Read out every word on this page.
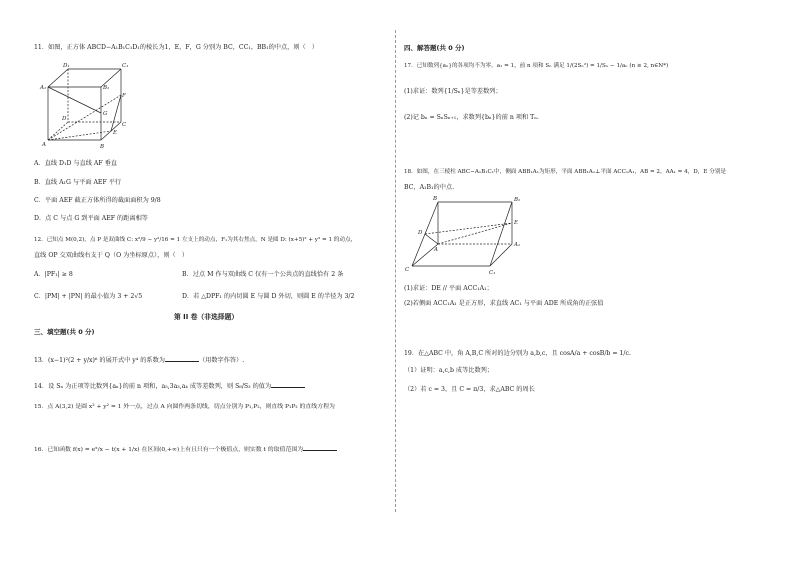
11．如图，正方体 ABCD−A₁B₁C₁D₁的棱长为1，E，F，G 分别为 BC，CC₁，BB₁的中点，则（　）
D₁	C₁
A₁	B₁
F
D
G
C
E
A	B
A．直线 D₁D 与直线 AF 垂直
B．直线 A₁G 与平面 AEF 平行
C．平面 AEF 截正方体所得的截面面积为 9/8
D．点 C 与点 G 到平面 AEF 的距离相等
12．已知点 M(0,2)，点 P 是双曲线 C: x²/9 − y²/16 = 1 左支上的动点，F₁为其右焦点，N 是圆 D: (x+5)² + y² = 1 的动点，
直线 OP 交双曲线右支于 Q（O 为坐标原点），则（　）
A．|PF₁| ≥ 8	B．过点 M 作与双曲线 C 仅有一个公共点的直线恰有 2 条
C．|PM| + |PN| 的最小值为 3 + 2√5	D．若 △DPF₁ 的内切圆 E 与圆 D 外切，则圆 E 的半径为 3/2
第 II 卷（非选择题）
三、填空题(共 0 分)
13．(x−1)²(2 + y/x)⁶ 的展开式中 y⁴ 的系数为	（用数字作答）.
14．设 Sₙ 为正项等比数列{aₙ}的前 n 项和，a₅,3a₃,a₄ 成等差数列，则 S₆/S₃ 的值为
15．点 A(3,2) 是圆 x² + y² = 1 外一点，过点 A 向圆作两条切线，切点分别为 P₁,P₂，则直线 P₁P₂ 的直线方程为
16．已知函数 f(x) = eˣ/x − t(x + 1/x) 在区间(0,+∞)上有且只有一个极值点，则实数 t 的取值范围为
四、解答题(共 0 分)
17．已知数列{aₙ}的各项均不为零，a₁ = 1，前 n 项和 Sₙ 满足 1/(2Sₙ²) = 1/Sₙ − 1/aₙ (n ≥ 2, n∈N*)
(1)求证：数列{1/Sₙ}是等差数列；
(2)记 bₙ = SₙSₙ₊₁，求数列{bₙ}的前 n 项和 Tₙ.
18．如图，在三棱柱 ABC−A₁B₁C₁中，侧面 ABB₁A₁为矩形，平面 ABB₁A₁⊥平面 ACC₁A₁，AB = 2，AA₁ = 4，D，E 分别是
BC，A₁B₁的中点.
B	B₁
E
D
A
A₁
C	C₁
(1)求证：DE // 平面 ACC₁A₁；
(2)若侧面 ACC₁A₁ 是正方形，求直线 AC₁ 与平面 ADE 所成角的正弦值
19．在△ABC 中，角 A,B,C 所对的边分别为 a,b,c，且 cosA/a + cosB/b = 1/c.
（1）证明：a,c,b 成等比数列；
（2）若 c = 3，且 C = π/3，求△ABC 的周长
